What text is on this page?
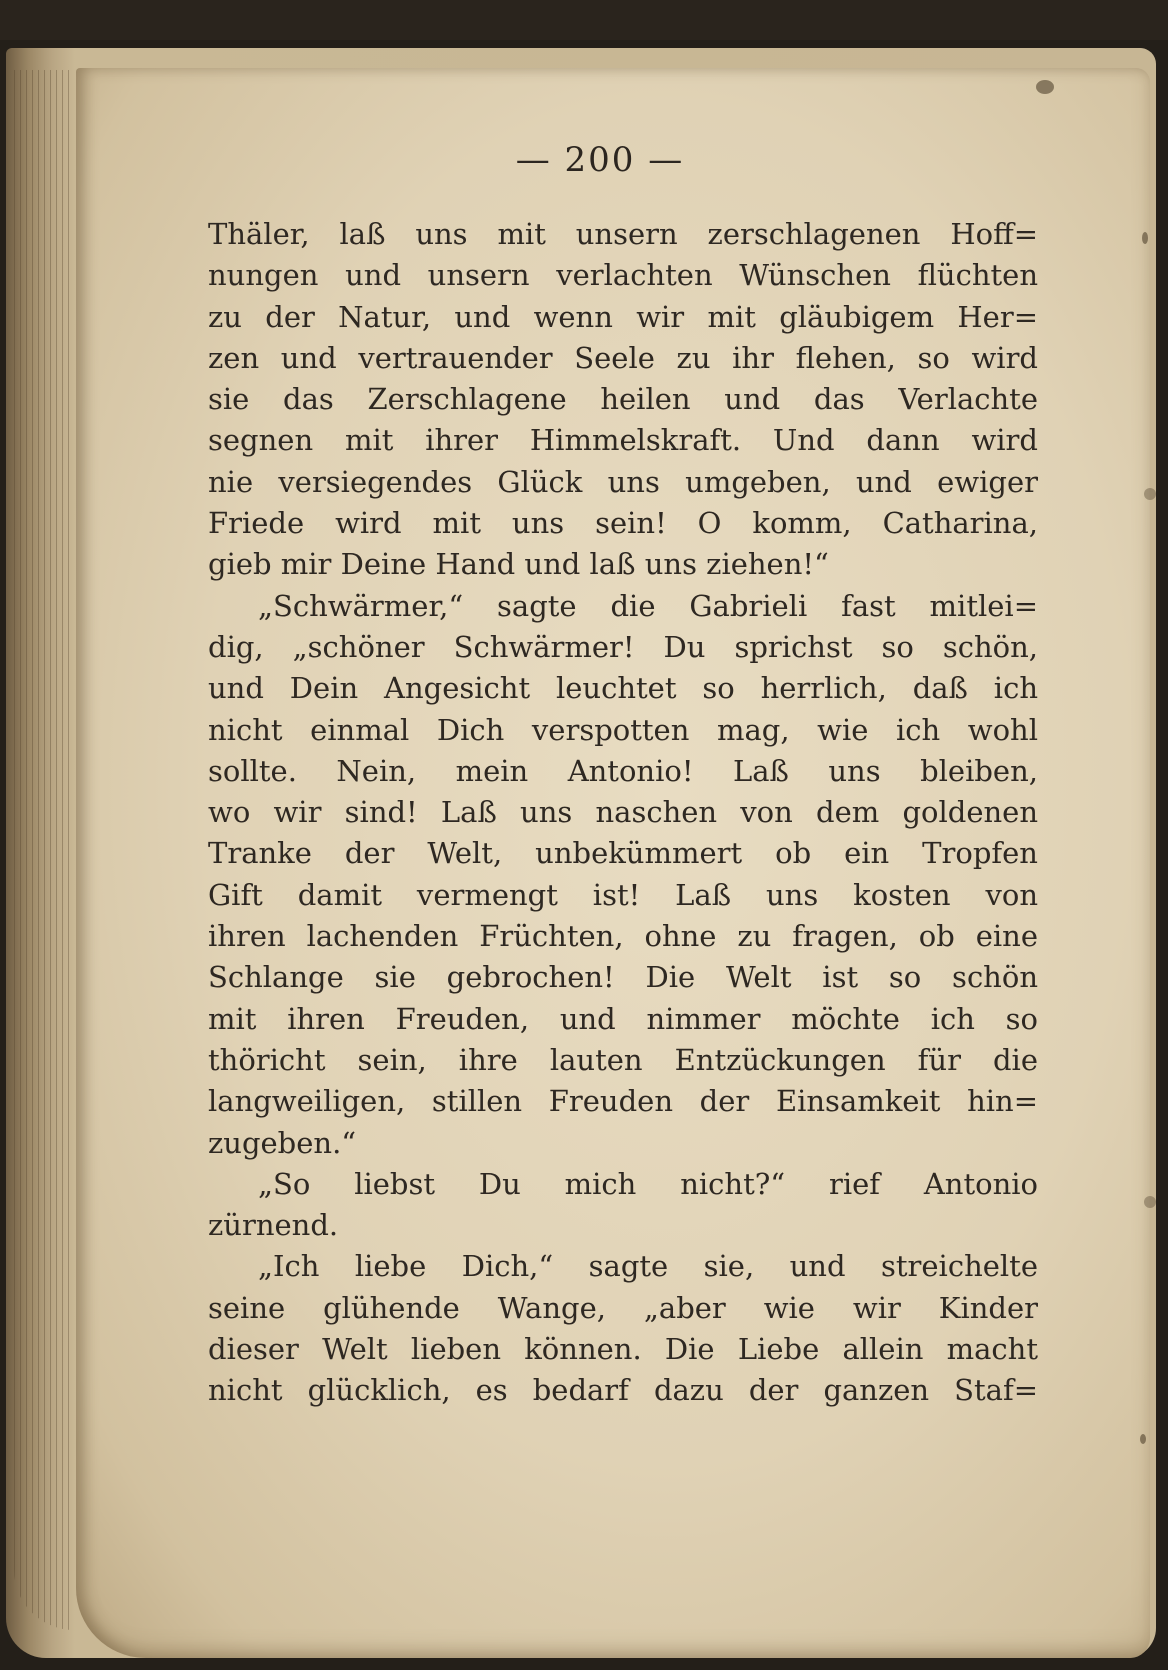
— 200 —
Thäler, laß uns mit unsern zerschlagenen Hoff=
nungen und unsern verlachten Wünschen flüchten
zu der Natur, und wenn wir mit gläubigem Her=
zen und vertrauender Seele zu ihr flehen, so wird
sie das Zerschlagene heilen und das Verlachte
segnen mit ihrer Himmelskraft. Und dann wird
nie versiegendes Glück uns umgeben, und ewiger
Friede wird mit uns sein! O komm, Catharina,
gieb mir Deine Hand und laß uns ziehen!“
„Schwärmer,“ sagte die Gabrieli fast mitlei=
dig, „schöner Schwärmer! Du sprichst so schön,
und Dein Angesicht leuchtet so herrlich, daß ich
nicht einmal Dich verspotten mag, wie ich wohl
sollte. Nein, mein Antonio! Laß uns bleiben,
wo wir sind! Laß uns naschen von dem goldenen
Tranke der Welt, unbekümmert ob ein Tropfen
Gift damit vermengt ist! Laß uns kosten von
ihren lachenden Früchten, ohne zu fragen, ob eine
Schlange sie gebrochen! Die Welt ist so schön
mit ihren Freuden, und nimmer möchte ich so
thöricht sein, ihre lauten Entzückungen für die
langweiligen, stillen Freuden der Einsamkeit hin=
zugeben.“
„So liebst Du mich nicht?“ rief Antonio
zürnend.
„Ich liebe Dich,“ sagte sie, und streichelte
seine glühende Wange, „aber wie wir Kinder
dieser Welt lieben können. Die Liebe allein macht
nicht glücklich, es bedarf dazu der ganzen Staf=
